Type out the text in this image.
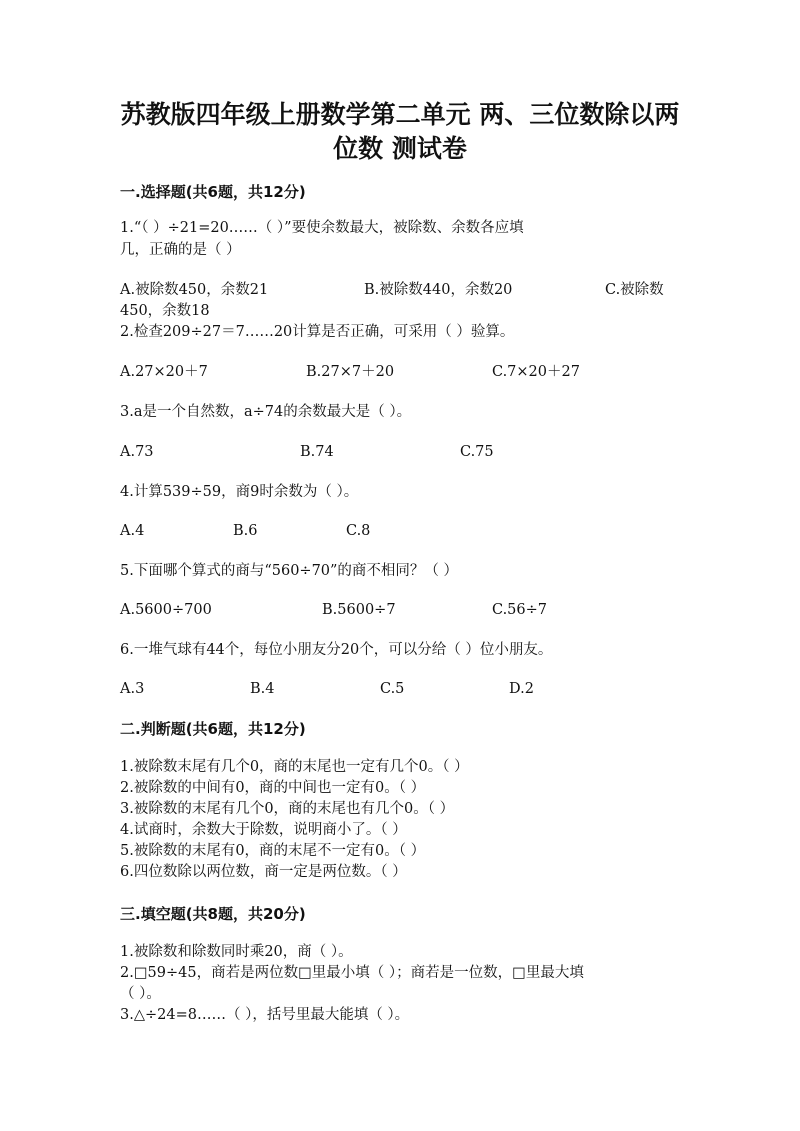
苏教版四年级上册数学第二单元 两、三位数除以两
位数 测试卷
一.选择题(共6题，共12分)
1.“（ ）÷21=20……（ ）”要使余数最大，被除数、余数各应填
几，正确的是（ ）
A.被除数450，余数21	B.被除数440，余数20	C.被除数
450，余数18
2.检查209÷27＝7……20计算是否正确，可采用（ ）验算。
A.27×20＋7	B.27×7＋20	C.7×20＋27
3.a是一个自然数，a÷74的余数最大是（ ）。
A.73	B.74	C.75
4.计算539÷59，商9时余数为（ ）。
A.4	B.6	C.8
5.下面哪个算式的商与“560÷70”的商不相同？（ ）
A.5600÷700	B.5600÷7	C.56÷7
6.一堆气球有44个，每位小朋友分20个，可以分给（ ）位小朋友。
A.3	B.4	C.5	D.2
二.判断题(共6题，共12分)
1.被除数末尾有几个0，商的末尾也一定有几个0。（ ）
2.被除数的中间有0，商的中间也一定有0。（ ）
3.被除数的末尾有几个0，商的末尾也有几个0。（ ）
4.试商时，余数大于除数，说明商小了。（ ）
5.被除数的末尾有0，商的末尾不一定有0。（ ）
6.四位数除以两位数，商一定是两位数。（ ）
三.填空题(共8题，共20分)
1.被除数和除数同时乘20，商（ ）。
2.□59÷45，商若是两位数□里最小填（ ）；商若是一位数，□里最大填
（ ）。
3.△÷24=8……（ ），括号里最大能填（ ）。
